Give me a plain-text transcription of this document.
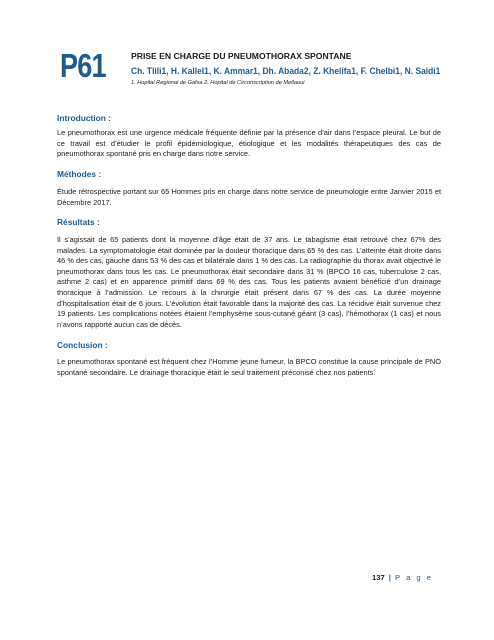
P61	PRISE EN CHARGE DU PNEUMOTHORAX SPONTANE
Ch. Tlili1, H. Kallel1, K. Ammar1, Dh. Abada2, Z. Khelifa1, F. Chelbi1, N. Saidi1
1. Hopital Regional de Gafsa 2. Hopital de Circonscription de Metlaoui
Introduction :

Le pneumothorax est une urgence médicale fréquente définie par la présence d’air dans l’espace pleural. Le but de ce travail est d’étudier le profil épidémiologique, étiologique et les modalités thérapeutiques des cas de pneumothorax spontané pris en charge dans notre service.

Méthodes :

Étude rétrospective portant sur 65 Hommes pris en charge dans notre service de pneumologie entre Janvier 2015 et Décembre 2017.

Résultats :

Il s’agissait de 65 patients dont la moyenne d’âge était de 37 ans. Le tabagisme était retrouvé chez 67% des malades. La symptomatologie était dominée par la douleur thoracique dans 65 % des cas. L’atteinte était droite dans 46 % des cas, gauche dans 53 % des cas et bilatérale dans 1 % des cas. La radiographie du thorax avait objectivé le pneumothorax dans tous les cas. Le pneumothorax était secondaire dans 31 % (BPCO 16 cas, tuberculose 2 cas, asthme 2 cas) et en apparence primitif dans 69 % des cas. Tous les patients avaient bénéficié d’un drainage thoracique à l’admission. Le recours à la chirurgie était présent dans 67 % des cas. La durée moyenne d’hospitalisation était de 6 jours. L’évolution était favorable dans la majorité des cas. La récidive était survenue chez 19 patients. Les complications notées étaient l’emphysème sous-cutané géant (3 cas), l’hémothorax (1 cas) et nous n’avons rapporté aucun cas de décès.

Conclusion :

Le pneumothorax spontané est fréquent chez l’Homme jeune fumeur, la BPCO constitue la cause principale de PNO spontané secondaire. Le drainage thoracique était le seul traitement préconisé chez nos patients.

137 | P a g e
